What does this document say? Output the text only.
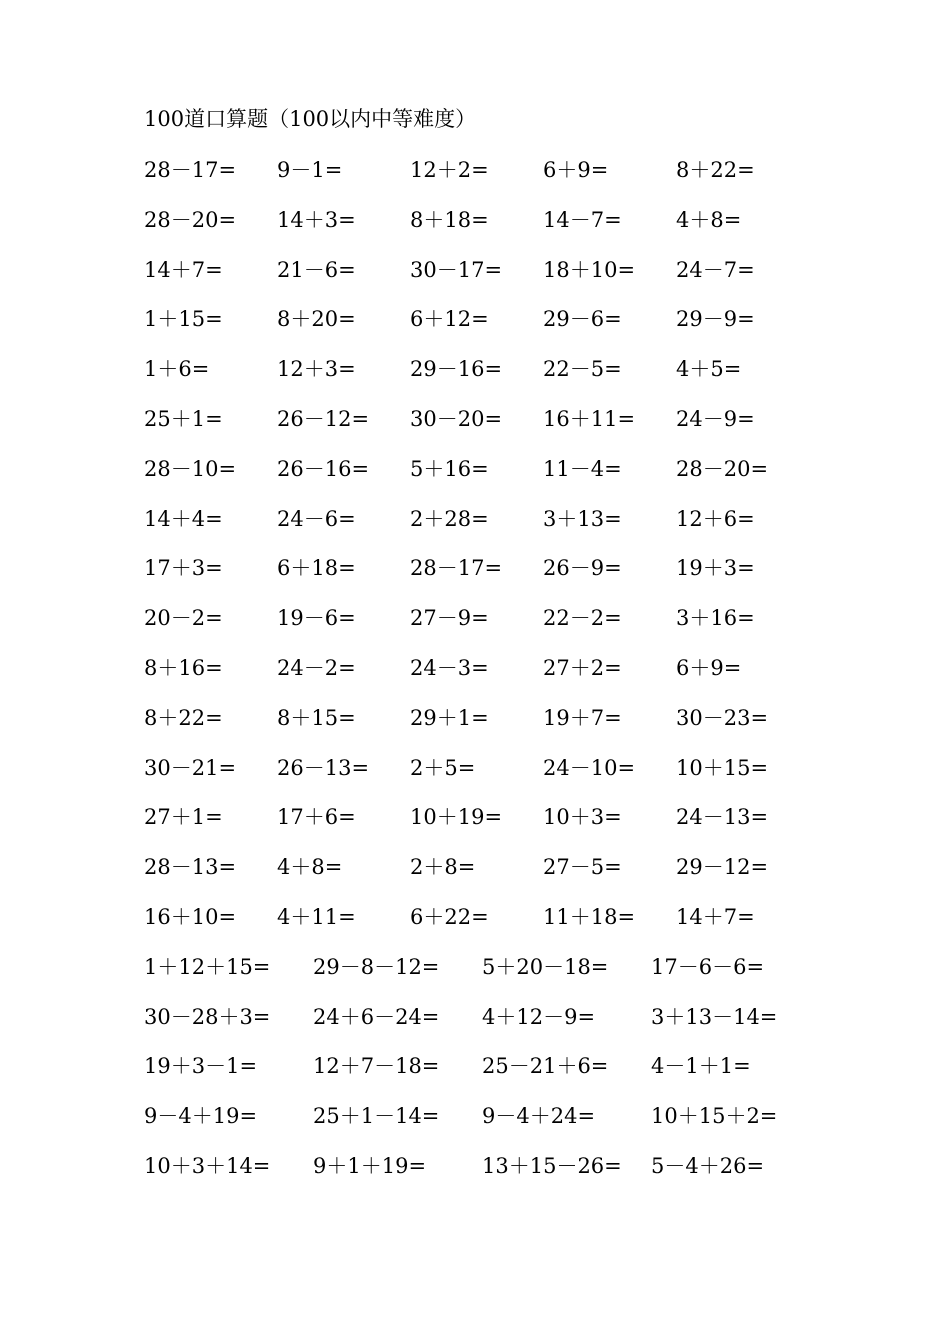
100道口算题（100以内中等难度）
28－17= 9－1=	12＋2=	6＋9=	8＋22=
28－20= 14＋3=	8＋18=	14－7=	4＋8=
14＋7=	21－6=	30－17= 18＋10= 24－7=
1＋15=	8＋20=	6＋12=	29－6=	29－9=
1＋6=	12＋3=	29－16= 22－5=	4＋5=
25＋1=	26－12= 30－20= 16＋11= 24－9=
28－10= 26－16= 5＋16=	11－4=	28－20=
14＋4=	24－6=	2＋28=	3＋13=	12＋6=
17＋3=	6＋18=	28－17= 26－9=	19＋3=
20－2=	19－6=	27－9=	22－2=	3＋16=
8＋16=	24－2=	24－3=	27＋2=	6＋9=
8＋22=	8＋15=	29＋1=	19＋7=	30－23=
30－21= 26－13= 2＋5=	24－10= 10＋15=
27＋1=	17＋6=	10＋19= 10＋3=	24－13=
28－13= 4＋8=	2＋8=	27－5=	29－12=
16＋10= 4＋11=	6＋22=	11＋18= 14＋7=
1＋12＋15= 29－8－12= 5＋20－18= 17－6－6=
30－28＋3= 24＋6－24= 4＋12－9=	3＋13－14=
19＋3－1=	12＋7－18= 25－21＋6= 4－1＋1=
9－4＋19=	25＋1－14= 9－4＋24=	10＋15＋2=
10＋3＋14= 9＋1＋19=	13＋15－26= 5－4＋26=
